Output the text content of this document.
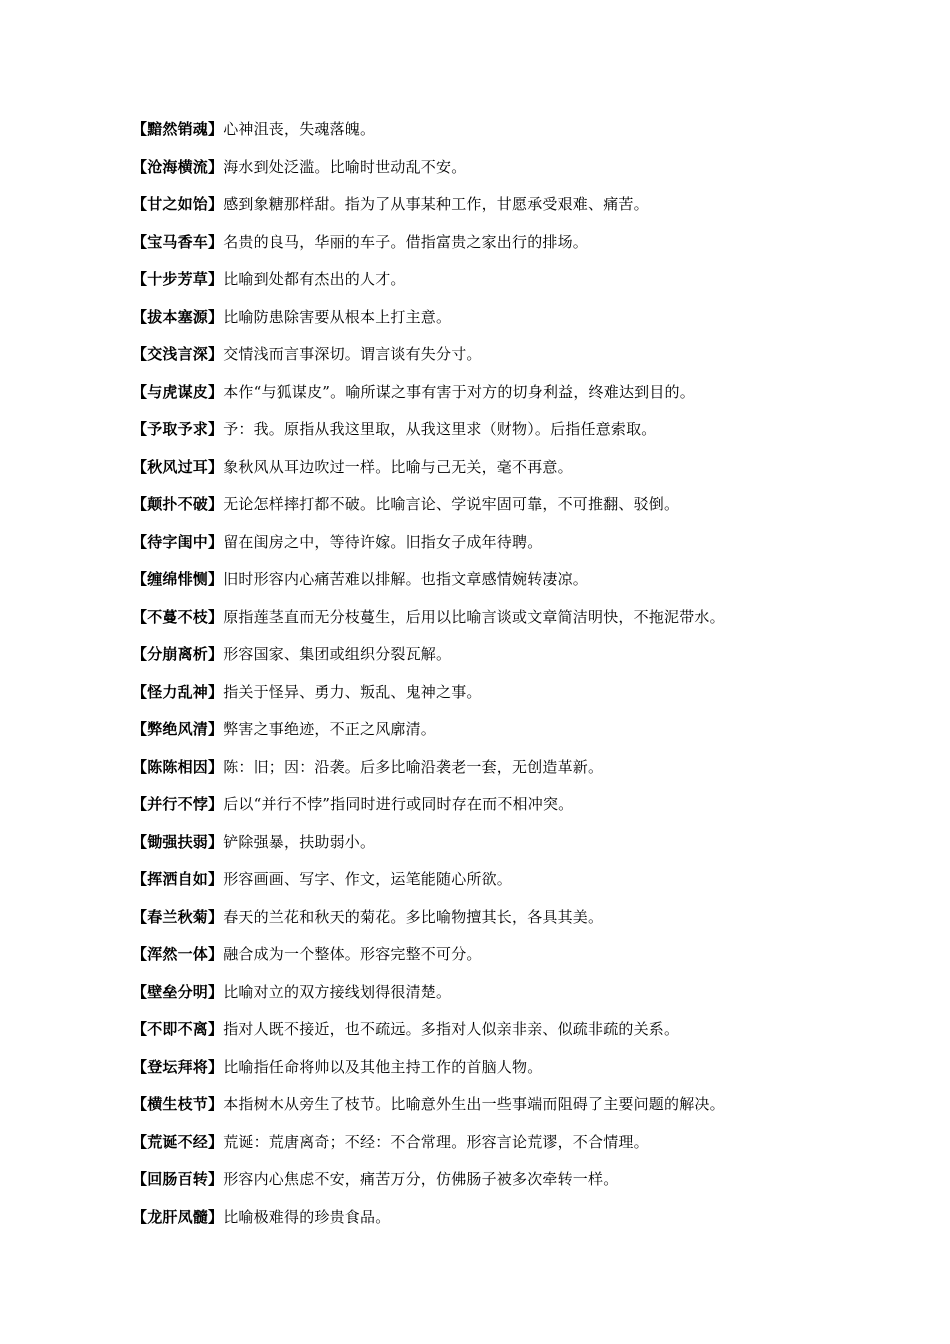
【黯然销魂】心神沮丧，失魂落魄。
【沧海横流】海水到处泛滥。比喻时世动乱不安。
【甘之如饴】感到象糖那样甜。指为了从事某种工作，甘愿承受艰难、痛苦。
【宝马香车】名贵的良马，华丽的车子。借指富贵之家出行的排场。
【十步芳草】比喻到处都有杰出的人才。
【拔本塞源】比喻防患除害要从根本上打主意。
【交浅言深】交情浅而言事深切。谓言谈有失分寸。
【与虎谋皮】本作“与狐谋皮”。喻所谋之事有害于对方的切身利益，终难达到目的。
【予取予求】予：我。原指从我这里取，从我这里求（财物）。后指任意索取。
【秋风过耳】象秋风从耳边吹过一样。比喻与己无关，毫不再意。
【颠扑不破】无论怎样摔打都不破。比喻言论、学说牢固可靠，不可推翻、驳倒。
【待字闺中】留在闺房之中，等待许嫁。旧指女子成年待聘。
【缠绵悱恻】旧时形容内心痛苦难以排解。也指文章感情婉转凄凉。
【不蔓不枝】原指莲茎直而无分枝蔓生，后用以比喻言谈或文章简洁明快，不拖泥带水。
【分崩离析】形容国家、集团或组织分裂瓦解。
【怪力乱神】指关于怪异、勇力、叛乱、鬼神之事。
【弊绝风清】弊害之事绝迹，不正之风廓清。
【陈陈相因】陈：旧；因：沿袭。后多比喻沿袭老一套，无创造革新。
【并行不悖】后以“并行不悖”指同时进行或同时存在而不相冲突。
【锄强扶弱】铲除强暴，扶助弱小。
【挥洒自如】形容画画、写字、作文，运笔能随心所欲。
【春兰秋菊】春天的兰花和秋天的菊花。多比喻物擅其长，各具其美。
【浑然一体】融合成为一个整体。形容完整不可分。
【壁垒分明】比喻对立的双方接线划得很清楚。
【不即不离】指对人既不接近，也不疏远。多指对人似亲非亲、似疏非疏的关系。
【登坛拜将】比喻指任命将帅以及其他主持工作的首脑人物。
【横生枝节】本指树木从旁生了枝节。比喻意外生出一些事端而阻碍了主要问题的解决。
【荒诞不经】荒诞：荒唐离奇；不经：不合常理。形容言论荒谬，不合情理。
【回肠百转】形容内心焦虑不安，痛苦万分，仿佛肠子被多次牵转一样。
【龙肝凤髓】比喻极难得的珍贵食品。
